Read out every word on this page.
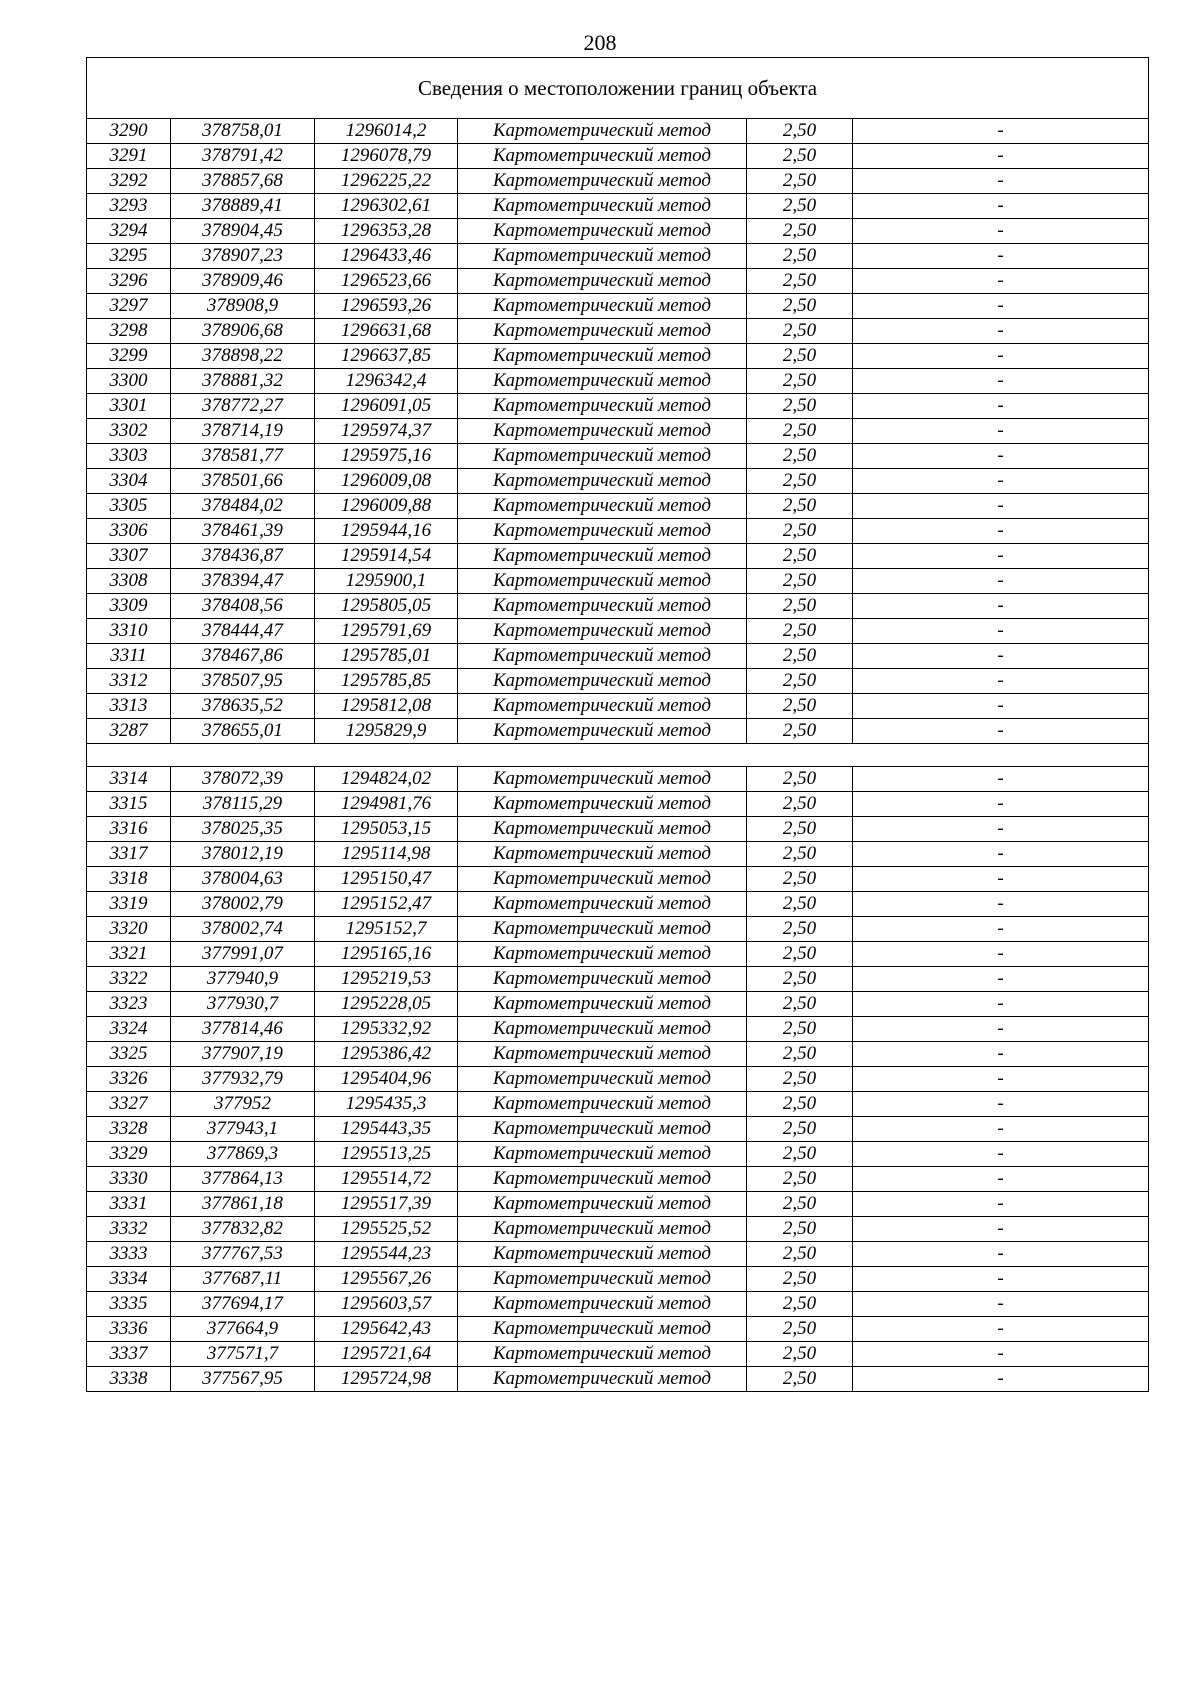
208
Сведения о местоположении границ объекта					
3290	378758,01	1296014,2	Картометрический метод	2,50	-
3291	378791,42	1296078,79	Картометрический метод	2,50	-
3292	378857,68	1296225,22	Картометрический метод	2,50	-
3293	378889,41	1296302,61	Картометрический метод	2,50	-
3294	378904,45	1296353,28	Картометрический метод	2,50	-
3295	378907,23	1296433,46	Картометрический метод	2,50	-
3296	378909,46	1296523,66	Картометрический метод	2,50	-
3297	378908,9	1296593,26	Картометрический метод	2,50	-
3298	378906,68	1296631,68	Картометрический метод	2,50	-
3299	378898,22	1296637,85	Картометрический метод	2,50	-
3300	378881,32	1296342,4	Картометрический метод	2,50	-
3301	378772,27	1296091,05	Картометрический метод	2,50	-
3302	378714,19	1295974,37	Картометрический метод	2,50	-
3303	378581,77	1295975,16	Картометрический метод	2,50	-
3304	378501,66	1296009,08	Картометрический метод	2,50	-
3305	378484,02	1296009,88	Картометрический метод	2,50	-
3306	378461,39	1295944,16	Картометрический метод	2,50	-
3307	378436,87	1295914,54	Картометрический метод	2,50	-
3308	378394,47	1295900,1	Картометрический метод	2,50	-
3309	378408,56	1295805,05	Картометрический метод	2,50	-
3310	378444,47	1295791,69	Картометрический метод	2,50	-
3311	378467,86	1295785,01	Картометрический метод	2,50	-
3312	378507,95	1295785,85	Картометрический метод	2,50	-
3313	378635,52	1295812,08	Картометрический метод	2,50	-
3287	378655,01	1295829,9	Картометрический метод	2,50	-

3314	378072,39	1294824,02	Картометрический метод	2,50	-
3315	378115,29	1294981,76	Картометрический метод	2,50	-
3316	378025,35	1295053,15	Картометрический метод	2,50	-
3317	378012,19	1295114,98	Картометрический метод	2,50	-
3318	378004,63	1295150,47	Картометрический метод	2,50	-
3319	378002,79	1295152,47	Картометрический метод	2,50	-
3320	378002,74	1295152,7	Картометрический метод	2,50	-
3321	377991,07	1295165,16	Картометрический метод	2,50	-
3322	377940,9	1295219,53	Картометрический метод	2,50	-
3323	377930,7	1295228,05	Картометрический метод	2,50	-
3324	377814,46	1295332,92	Картометрический метод	2,50	-
3325	377907,19	1295386,42	Картометрический метод	2,50	-
3326	377932,79	1295404,96	Картометрический метод	2,50	-
3327	377952	1295435,3	Картометрический метод	2,50	-
3328	377943,1	1295443,35	Картометрический метод	2,50	-
3329	377869,3	1295513,25	Картометрический метод	2,50	-
3330	377864,13	1295514,72	Картометрический метод	2,50	-
3331	377861,18	1295517,39	Картометрический метод	2,50	-
3332	377832,82	1295525,52	Картометрический метод	2,50	-
3333	377767,53	1295544,23	Картометрический метод	2,50	-
3334	377687,11	1295567,26	Картометрический метод	2,50	-
3335	377694,17	1295603,57	Картометрический метод	2,50	-
3336	377664,9	1295642,43	Картометрический метод	2,50	-
3337	377571,7	1295721,64	Картометрический метод	2,50	-
3338	377567,95	1295724,98	Картометрический метод	2,50	-
